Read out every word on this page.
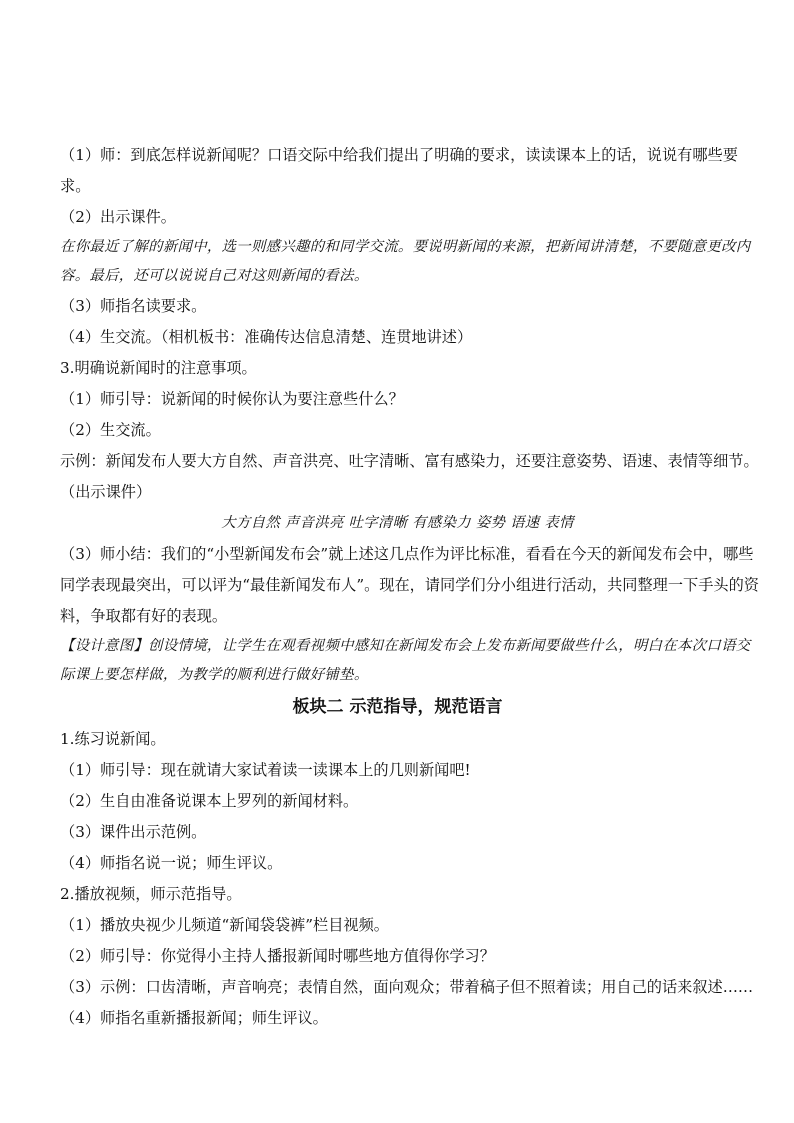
（1）师：到底怎样说新闻呢？口语交际中给我们提出了明确的要求，读读课本上的话，说说有哪些要求。

（2）出示课件。

在你最近了解的新闻中，选一则感兴趣的和同学交流。要说明新闻的来源，把新闻讲清楚，不要随意更改内容。最后，还可以说说自己对这则新闻的看法。

（3）师指名读要求。

（4）生交流。（相机板书：准确传达信息清楚、连贯地讲述）

3.明确说新闻时的注意事项。

（1）师引导：说新闻的时候你认为要注意些什么？

（2）生交流。

示例：新闻发布人要大方自然、声音洪亮、吐字清晰、富有感染力，还要注意姿势、语速、表情等细节。（出示课件）

大方自然 声音洪亮 吐字清晰 有感染力 姿势 语速 表情

（3）师小结：我们的“小型新闻发布会”就上述这几点作为评比标准，看看在今天的新闻发布会中，哪些同学表现最突出，可以评为“最佳新闻发布人”。现在，请同学们分小组进行活动，共同整理一下手头的资料，争取都有好的表现。

【设计意图】创设情境，让学生在观看视频中感知在新闻发布会上发布新闻要做些什么，明白在本次口语交际课上要怎样做，为教学的顺利进行做好铺垫。

板块二 示范指导，规范语言

1.练习说新闻。

（1）师引导：现在就请大家试着读一读课本上的几则新闻吧!

（2）生自由准备说课本上罗列的新闻材料。

（3）课件出示范例。

（4）师指名说一说；师生评议。

2.播放视频，师示范指导。

（1）播放央视少儿频道“新闻袋袋裤”栏目视频。

（2）师引导：你觉得小主持人播报新闻时哪些地方值得你学习？

（3）示例：口齿清晰，声音响亮；表情自然，面向观众；带着稿子但不照着读；用自己的话来叙述……

（4）师指名重新播报新闻；师生评议。
